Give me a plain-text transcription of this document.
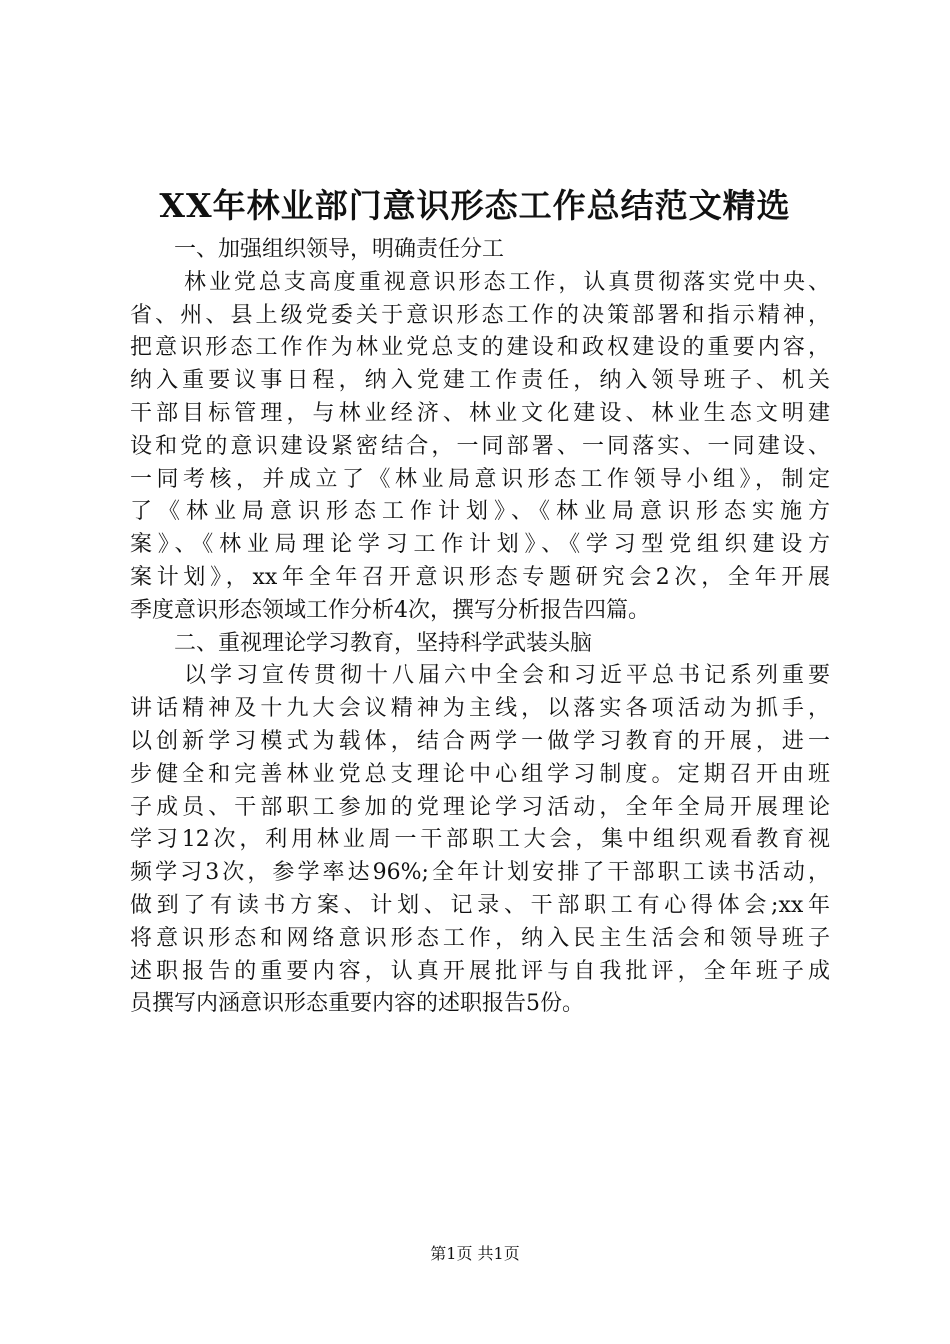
XX年林业部门意识形态工作总结范文精选
一、加强组织领导，明确责任分工
林业党总支高度重视意识形态工作，认真贯彻落实党中央、
省、州、县上级党委关于意识形态工作的决策部署和指示精神，
把意识形态工作作为林业党总支的建设和政权建设的重要内容，
纳入重要议事日程，纳入党建工作责任，纳入领导班子、机关
干部目标管理，与林业经济、林业文化建设、林业生态文明建
设和党的意识建设紧密结合，一同部署、一同落实、一同建设、
一同考核，并成立了《林业局意识形态工作领导小组》，制定
了《林业局意识形态工作计划》、《林业局意识形态实施方
案》、《林业局理论学习工作计划》、《学习型党组织建设方
案计划》，xx年全年召开意识形态专题研究会2次，全年开展
季度意识形态领域工作分析4次，撰写分析报告四篇。
二、重视理论学习教育，坚持科学武装头脑
以学习宣传贯彻十八届六中全会和习近平总书记系列重要
讲话精神及十九大会议精神为主线，以落实各项活动为抓手，
以创新学习模式为载体，结合两学一做学习教育的开展，进一
步健全和完善林业党总支理论中心组学习制度。定期召开由班
子成员、干部职工参加的党理论学习活动，全年全局开展理论
学习12次，利用林业周一干部职工大会，集中组织观看教育视
频学习3次，参学率达96%;全年计划安排了干部职工读书活动，
做到了有读书方案、计划、记录、干部职工有心得体会;xx年
将意识形态和网络意识形态工作，纳入民主生活会和领导班子
述职报告的重要内容，认真开展批评与自我批评，全年班子成
员撰写内涵意识形态重要内容的述职报告5份。
第1页 共1页
